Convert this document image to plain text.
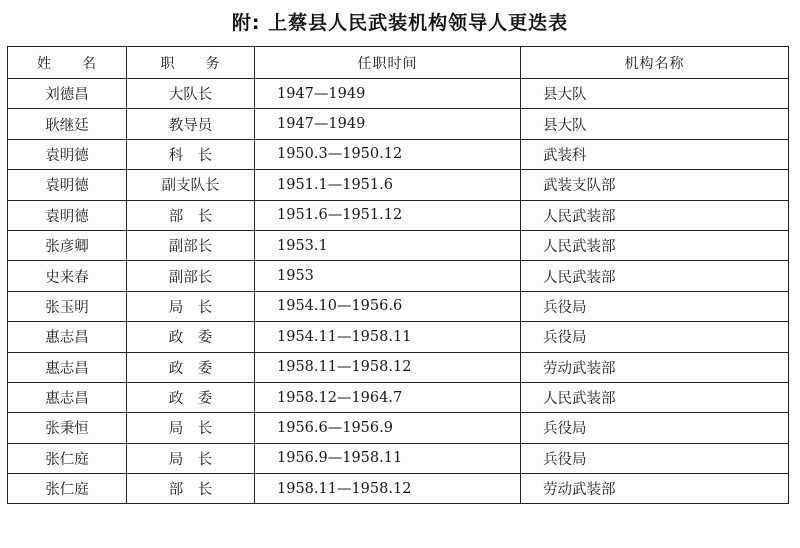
附: 上蔡县人民武装机构领导人更迭表
姓　　名	职　　务	任职时间	机构名称
刘德昌	大队长	1947—1949	县大队
耿继廷	教导员	1947—1949	县大队
袁明德	科　长	1950.3—1950.12	武装科
袁明德	副支队长	1951.1—1951.6	武装支队部
袁明德	部　长	1951.6—1951.12	人民武装部
张彦卿	副部长	1953.1	人民武装部
史来春	副部长	1953	人民武装部
张玉明	局　长	1954.10—1956.6	兵役局
惠志昌	政　委	1954.11—1958.11	兵役局
惠志昌	政　委	1958.11—1958.12	劳动武装部
惠志昌	政　委	1958.12—1964.7	人民武装部
张秉恒	局　长	1956.6—1956.9	兵役局
张仁庭	局　长	1956.9—1958.11	兵役局
张仁庭	部　长	1958.11—1958.12	劳动武装部
